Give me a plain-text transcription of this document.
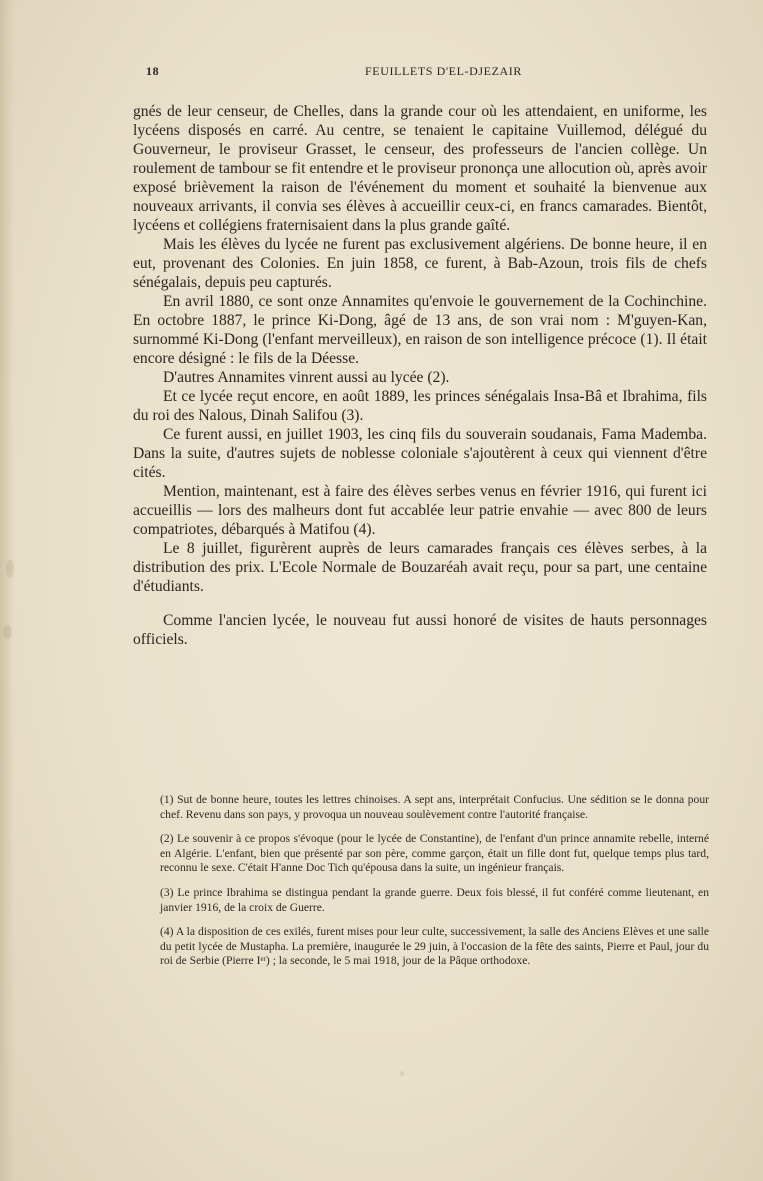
18	FEUILLETS D'EL-DJEZAIR

gnés de leur censeur, de Chelles, dans la grande cour où les attendaient, en uniforme, les lycéens disposés en carré. Au centre, se tenaient le capitaine Vuillemod, délégué du Gouverneur, le proviseur Grasset, le censeur, des professeurs de l'ancien collège. Un roulement de tambour se fit entendre et le proviseur prononça une allocution où, après avoir exposé brièvement la raison de l'événement du moment et souhaité la bienvenue aux nouveaux arrivants, il convia ses élèves à accueillir ceux-ci, en francs camarades. Bientôt, lycéens et collégiens fraternisaient dans la plus grande gaîté.

Mais les élèves du lycée ne furent pas exclusivement algériens. De bonne heure, il en eut, provenant des Colonies. En juin 1858, ce furent, à Bab-Azoun, trois fils de chefs sénégalais, depuis peu capturés.

En avril 1880, ce sont onze Annamites qu'envoie le gouvernement de la Cochinchine. En octobre 1887, le prince Ki-Dong, âgé de 13 ans, de son vrai nom : M'guyen-Kan, surnommé Ki-Dong (l'enfant merveilleux), en raison de son intelligence précoce (1). Il était encore désigné : le fils de la Déesse.

D'autres Annamites vinrent aussi au lycée (2).

Et ce lycée reçut encore, en août 1889, les princes sénégalais Insa-Bâ et Ibrahima, fils du roi des Nalous, Dinah Salifou (3).

Ce furent aussi, en juillet 1903, les cinq fils du souverain soudanais, Fama Mademba. Dans la suite, d'autres sujets de noblesse coloniale s'ajoutèrent à ceux qui viennent d'être cités.

Mention, maintenant, est à faire des élèves serbes venus en février 1916, qui furent ici accueillis — lors des malheurs dont fut accablée leur patrie envahie — avec 800 de leurs compatriotes, débarqués à Matifou (4).

Le 8 juillet, figurèrent auprès de leurs camarades français ces élèves serbes, à la distribution des prix. L'Ecole Normale de Bouzaréah avait reçu, pour sa part, une centaine d'étudiants.

Comme l'ancien lycée, le nouveau fut aussi honoré de visites de hauts personnages officiels.

(1) Sut de bonne heure, toutes les lettres chinoises. A sept ans, interprétait Confucius. Une sédition se le donna pour chef. Revenu dans son pays, y provoqua un nouveau soulèvement contre l'autorité française.

(2) Le souvenir à ce propos s'évoque (pour le lycée de Constantine), de l'enfant d'un prince annamite rebelle, interné en Algérie. L'enfant, bien que présenté par son père, comme garçon, était un fille dont fut, quelque temps plus tard, reconnu le sexe. C'était H'anne Doc Tich qu'épousa dans la suite, un ingénieur français.

(3) Le prince Ibrahima se distingua pendant la grande guerre. Deux fois blessé, il fut conféré comme lieutenant, en janvier 1916, de la croix de Guerre.

(4) A la disposition de ces exilés, furent mises pour leur culte, successivement, la salle des Anciens Elèves et une salle du petit lycée de Mustapha. La première, inaugurée le 29 juin, à l'occasion de la fête des saints, Pierre et Paul, jour du roi de Serbie (Pierre Iᵉʳ) ; la seconde, le 5 mai 1918, jour de la Pâque orthodoxe.
